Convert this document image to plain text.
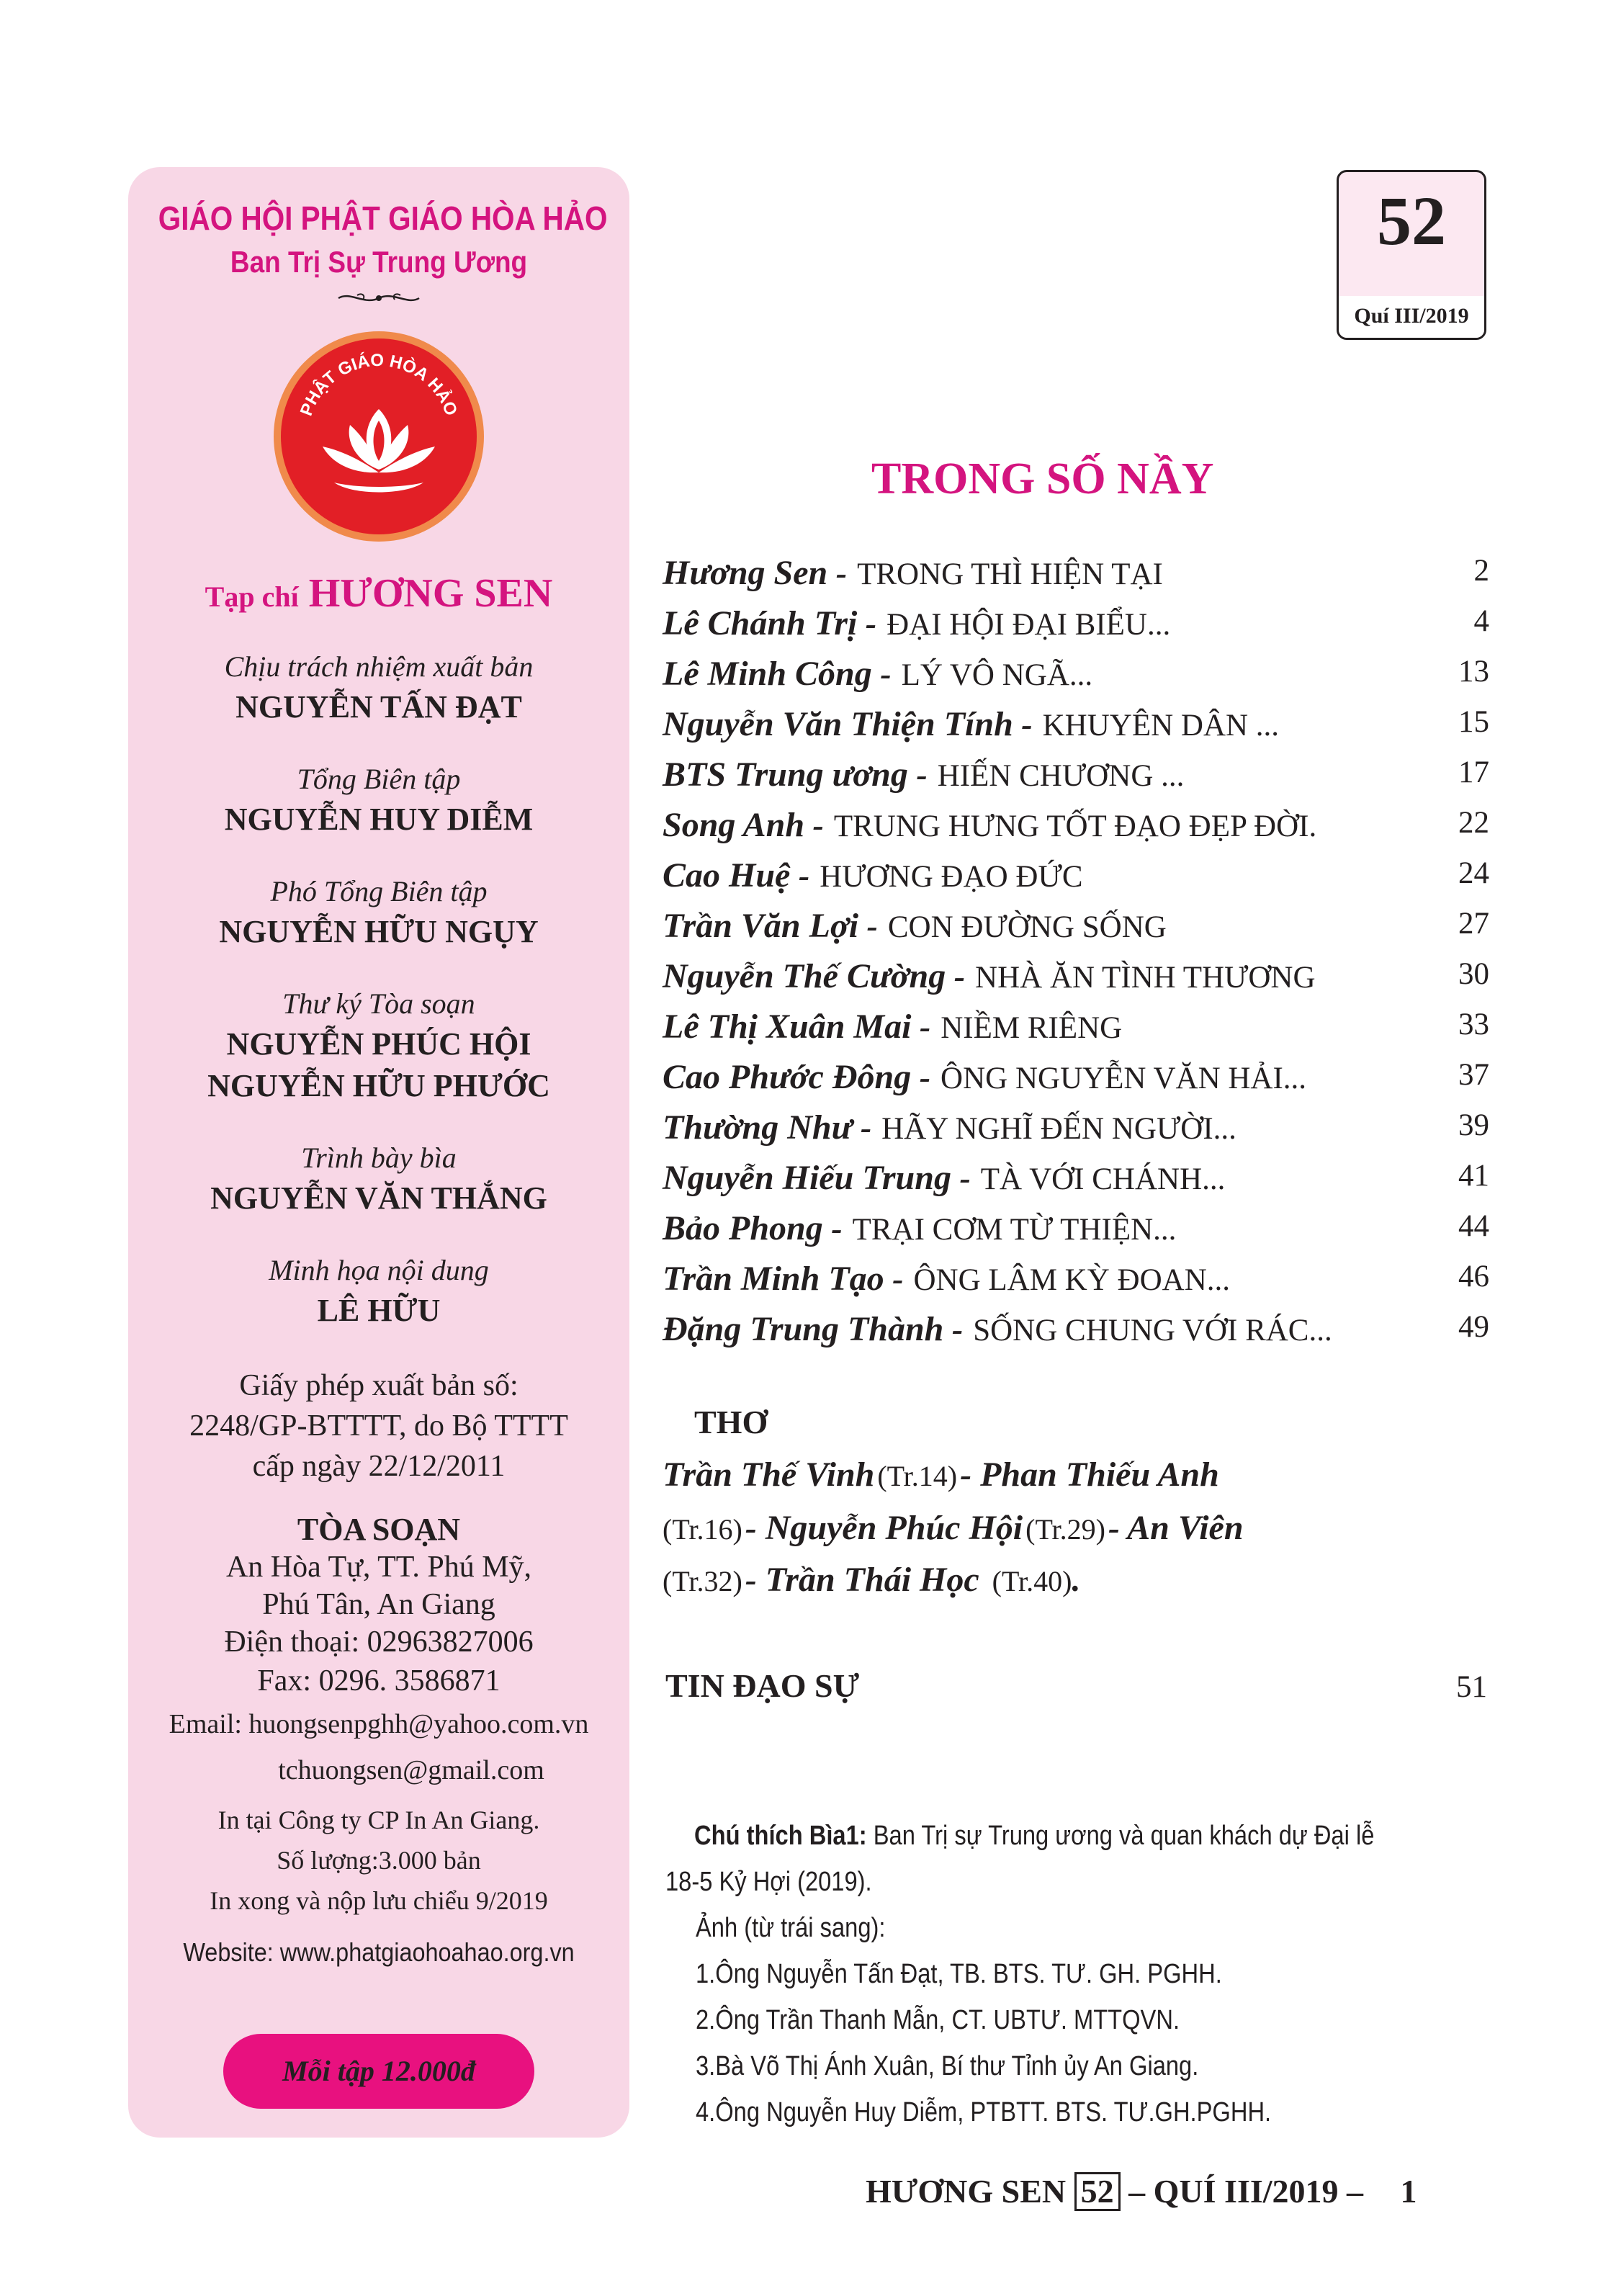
GIÁO HỘI PHẬT GIÁO HÒA HẢO
Ban Trị Sự Trung Ương
PHẬT GIÁO HÒA HẢO
Tạp chí HƯƠNG SEN
Chịu trách nhiệm xuất bản
NGUYỄN TẤN ĐẠT
Tổng Biên tập
NGUYỄN HUY DIỄM
Phó Tổng Biên tập
NGUYỄN HỮU NGỤY
Thư ký Tòa soạn
NGUYỄN PHÚC HỘI
NGUYỄN HỮU PHƯỚC
Trình bày bìa
NGUYỄN VĂN THẮNG
Minh họa nội dung
LÊ HỮU
Giấy phép xuất bản số:
2248/GP-BTTTT, do Bộ TTTT
cấp ngày 22/12/2011
TÒA SOẠN
An Hòa Tự, TT. Phú Mỹ,
Phú Tân, An Giang
Điện thoại: 02963827006
Fax: 0296. 3586871
Email: huongsenpghh@yahoo.com.vn
tchuongsen@gmail.com
In tại Công ty CP In An Giang.
Số lượng:3.000 bản
In xong và nộp lưu chiểu 9/2019
Website: www.phatgiaohoahao.org.vn
Mỗi tập 12.000đ
52
Quí III/2019
TRONG SỐ NẦY
Hương Sen - TRONG THÌ HIỆN TẠI	2
Lê Chánh Trị - ĐẠI HỘI ĐẠI BIỂU...	4
Lê Minh Công - LÝ VÔ NGÃ...	13
Nguyễn Văn Thiện Tính - KHUYÊN DÂN ...	15
BTS Trung ương - HIẾN CHƯƠNG ...	17
Song Anh - TRUNG HƯNG TỐT ĐẠO ĐẸP ĐỜI.	22
Cao Huệ - HƯƠNG ĐẠO ĐỨC	24
Trần Văn Lợi - CON ĐƯỜNG SỐNG	27
Nguyễn Thế Cường - NHÀ ĂN TÌNH THƯƠNG	30
Lê Thị Xuân Mai - NIỀM RIÊNG	33
Cao Phước Đông - ÔNG NGUYỄN VĂN HẢI...	37
Thường Như - HÃY NGHĨ ĐẾN NGƯỜI...	39
Nguyễn Hiếu Trung - TÀ VỚI CHÁNH...	41
Bảo Phong - TRẠI CƠM TỪ THIỆN...	44
Trần Minh Tạo - ÔNG LÂM KỲ ĐOAN...	46
Đặng Trung Thành - SỐNG CHUNG VỚI RÁC...	49
THƠ
Trần Thế Vinh (Tr.14) - Phan Thiếu Anh
(Tr.16) - Nguyễn Phúc Hội (Tr.29) - An Viên
(Tr.32) - Trần Thái Học (Tr.40).
TIN ĐẠO SỰ	51
Chú thích Bìa1: Ban Trị sự Trung ương và quan khách dự Đại lễ
18-5 Kỷ Hợi (2019).
Ảnh (từ trái sang):
1.Ông Nguyễn Tấn Đạt, TB. BTS. TƯ. GH. PGHH.
2.Ông Trần Thanh Mẫn, CT. UBTƯ. MTTQVN.
3.Bà Võ Thị Ánh Xuân, Bí thư Tỉnh ủy An Giang.
4.Ông Nguyễn Huy Diễm, PTBTT. BTS. TƯ.GH.PGHH.
HƯƠNG SEN 52 – QUÍ III/2019 – 1
